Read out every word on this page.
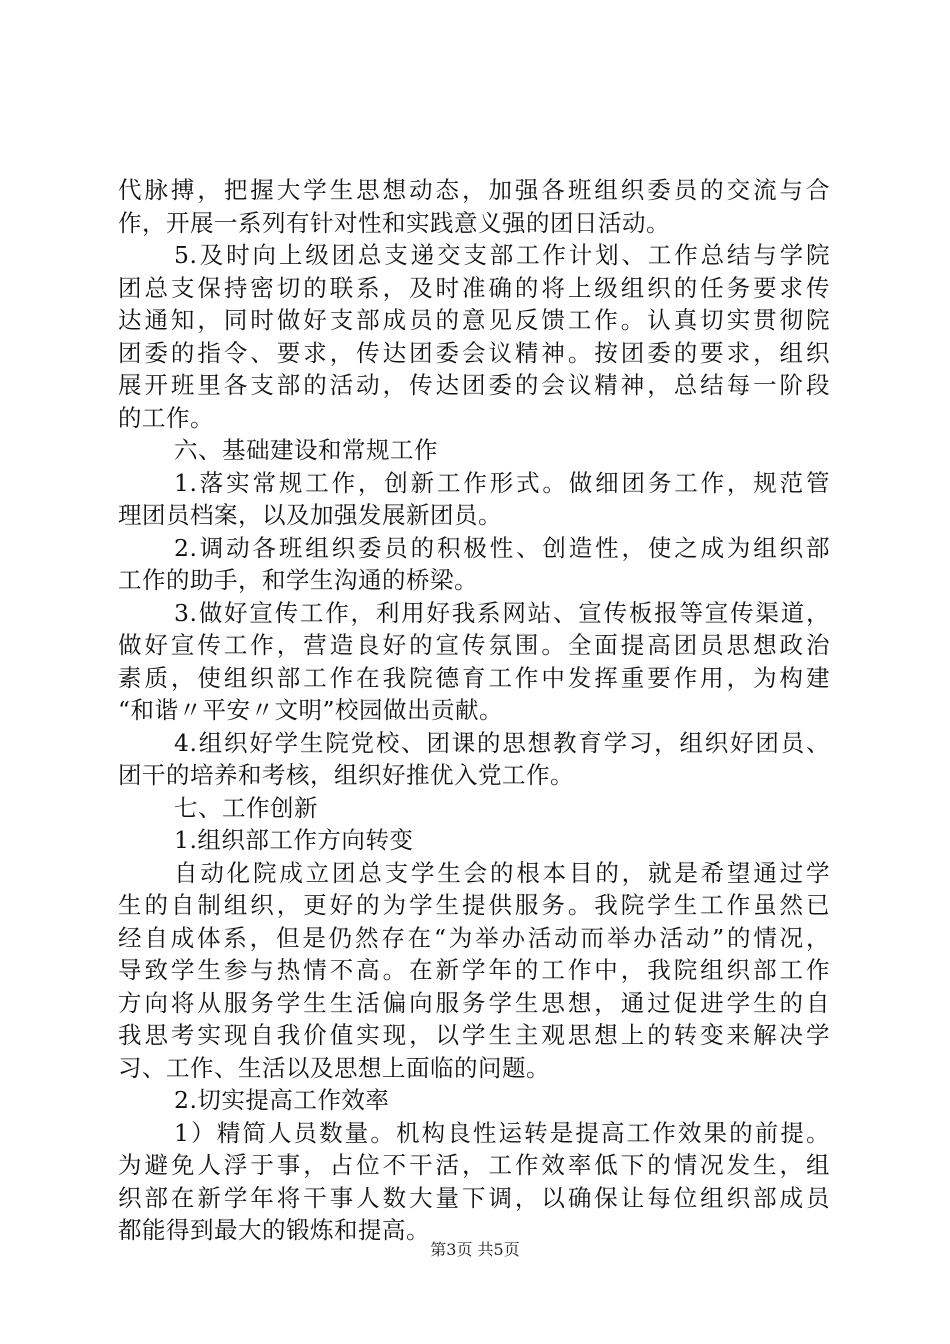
代脉搏，把握大学生思想动态，加强各班组织委员的交流与合
作，开展一系列有针对性和实践意义强的团日活动。
5.及时向上级团总支递交支部工作计划、工作总结与学院
团总支保持密切的联系，及时准确的将上级组织的任务要求传
达通知，同时做好支部成员的意见反馈工作。认真切实贯彻院
团委的指令、要求，传达团委会议精神。按团委的要求，组织
展开班里各支部的活动，传达团委的会议精神，总结每一阶段
的工作。
六、基础建设和常规工作
1.落实常规工作，创新工作形式。做细团务工作，规范管
理团员档案，以及加强发展新团员。
2.调动各班组织委员的积极性、创造性，使之成为组织部
工作的助手，和学生沟通的桥梁。
3.做好宣传工作，利用好我系网站、宣传板报等宣传渠道，
做好宣传工作，营造良好的宣传氛围。全面提高团员思想政治
素质，使组织部工作在我院德育工作中发挥重要作用，为构建
“和谐〃平安〃文明”校园做出贡献。
4.组织好学生院党校、团课的思想教育学习，组织好团员、
团干的培养和考核，组织好推优入党工作。
七、工作创新
1.组织部工作方向转变
自动化院成立团总支学生会的根本目的，就是希望通过学
生的自制组织，更好的为学生提供服务。我院学生工作虽然已
经自成体系，但是仍然存在“为举办活动而举办活动”的情况，
导致学生参与热情不高。在新学年的工作中，我院组织部工作
方向将从服务学生生活偏向服务学生思想，通过促进学生的自
我思考实现自我价值实现，以学生主观思想上的转变来解决学
习、工作、生活以及思想上面临的问题。
2.切实提高工作效率
1）精简人员数量。机构良性运转是提高工作效果的前提。
为避免人浮于事，占位不干活，工作效率低下的情况发生，组
织部在新学年将干事人数大量下调，以确保让每位组织部成员
都能得到最大的锻炼和提高。
第3页 共5页
